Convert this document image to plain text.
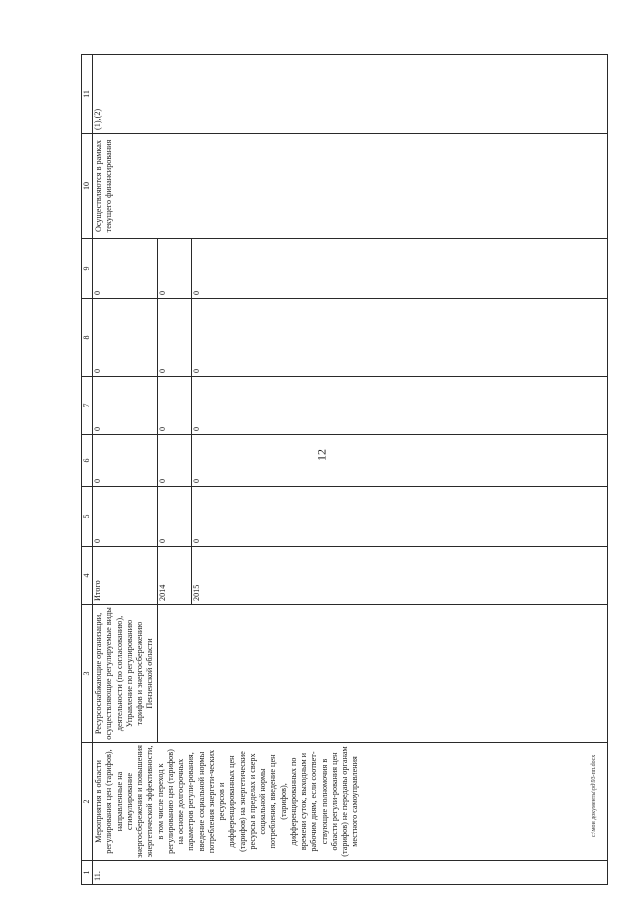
12
1	2	3	4	5	6	7	8	9	10	11
11.	Мероприятия в области регулирования цен (тарифов), направленные на стимулирование энергосбережения и повышения энергетической эффективности, в том числе переход к регулированию цен (тарифов) на основе долгосрочных параметров регули-рования, введение социальной нормы потребления энергети-ческих ресурсов и дифференцированных цен (тарифов) на энергетические ресурсы в пределах и сверх социальной нормы потребления, введение цен (тарифов), дифференцированных по времени суток, выходным и рабочим дням, если соответ-ствующие полномочия в области регули-рования цен (тарифов) не переданы органам местного самоуправления	Ресурсоснабжающие организации, осуществляющие регулируемые виды деятельности (по согласованию), Управление по регулированию тарифов и энергосбережению Пензенской области	Итого	0	0	0	0	0	Осуществляются в рамках текущего финансирования	(1),(2)
			2014	0	0	0	0	0		
			2015	0	0	0	0	0		
c:\мои документы\pd\93-пп.docx
